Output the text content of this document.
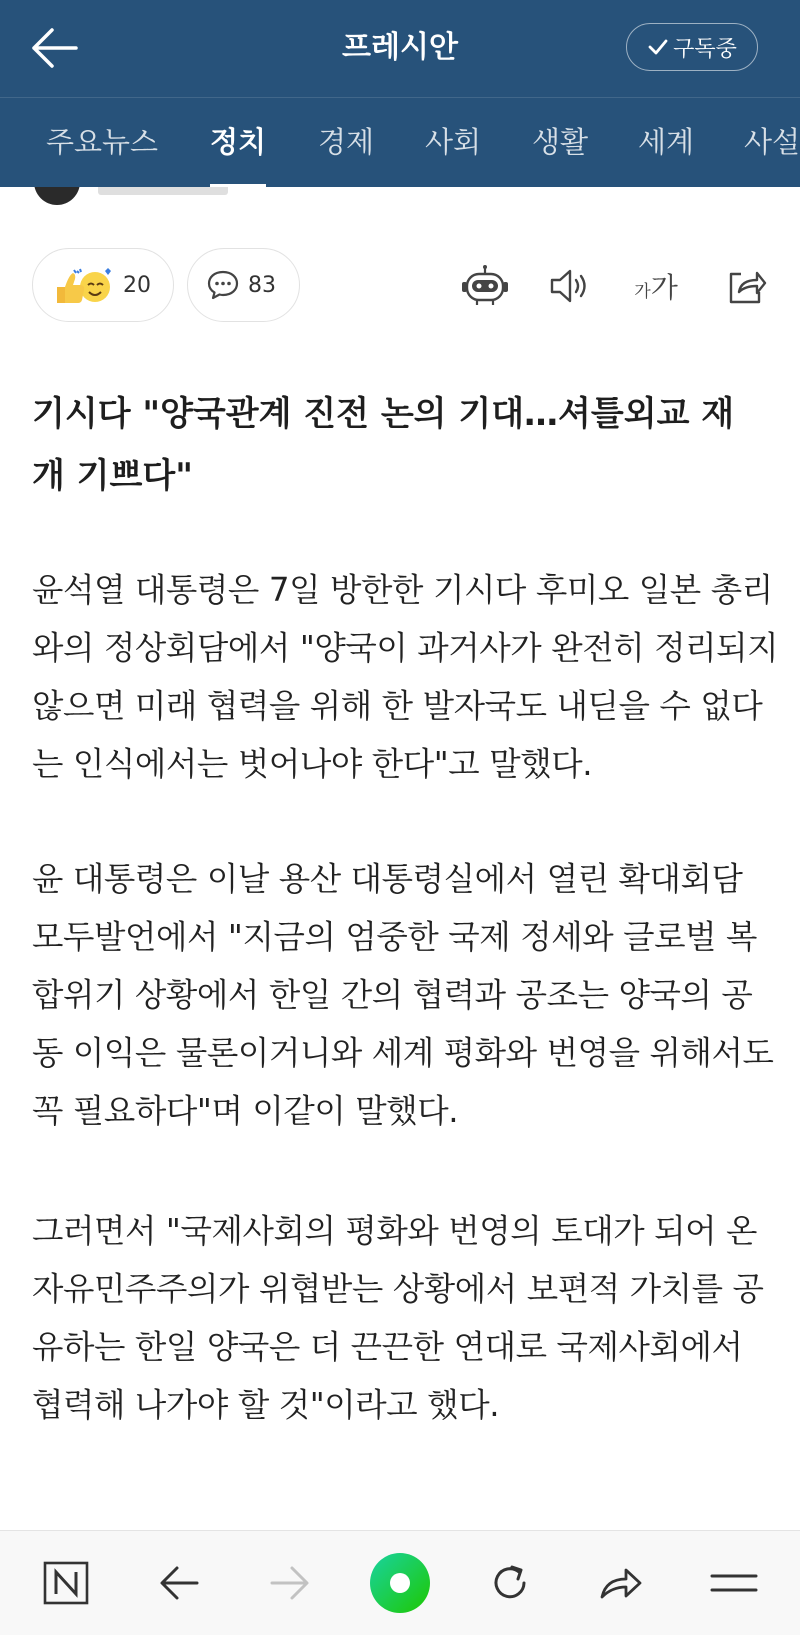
프레시안	구독중
주요뉴스 정치 경제 사회 생활 세계 사설
20	83	가 가
기시다 "양국관계 진전 논의 기대…셔틀외교 재개 기쁘다"

윤석열 대통령은 7일 방한한 기시다 후미오 일본 총리와의 정상회담에서 "양국이 과거사가 완전히 정리되지 않으면 미래 협력을 위해 한 발자국도 내딛을 수 없다는 인식에서는 벗어나야 한다"고 말했다.

윤 대통령은 이날 용산 대통령실에서 열린 확대회담 모두발언에서 "지금의 엄중한 국제 정세와 글로벌 복합위기 상황에서 한일 간의 협력과 공조는 양국의 공동 이익은 물론이거니와 세계 평화와 번영을 위해서도 꼭 필요하다"며 이같이 말했다.

그러면서 "국제사회의 평화와 번영의 토대가 되어 온 자유민주주의가 위협받는 상황에서 보편적 가치를 공유하는 한일 양국은 더 끈끈한 연대로 국제사회에서 협력해 나가야 할 것"이라고 했다.
